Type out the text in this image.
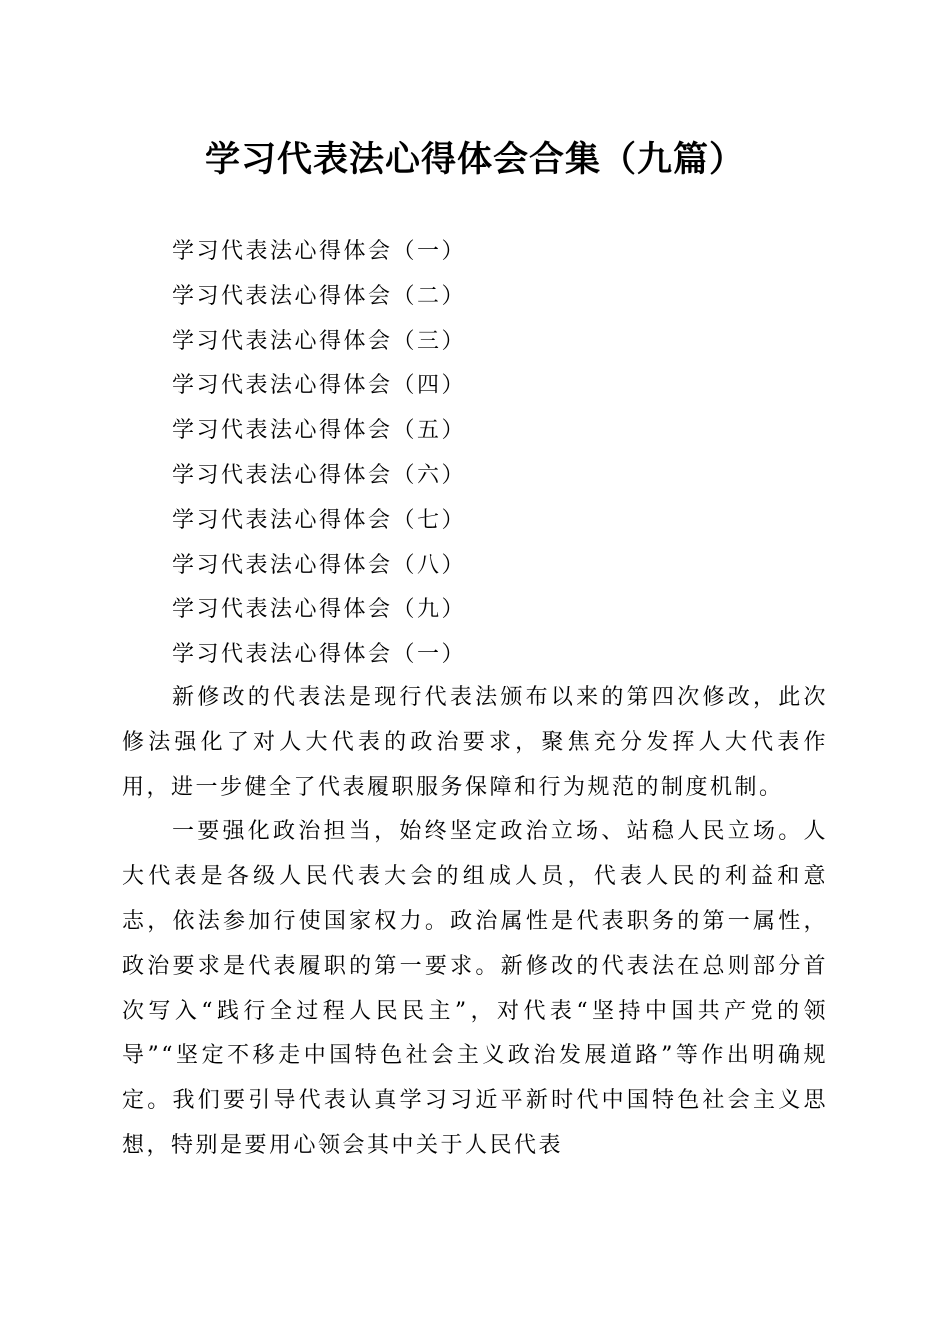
学习代表法心得体会合集（九篇）
学习代表法心得体会（一）
学习代表法心得体会（二）
学习代表法心得体会（三）
学习代表法心得体会（四）
学习代表法心得体会（五）
学习代表法心得体会（六）
学习代表法心得体会（七）
学习代表法心得体会（八）
学习代表法心得体会（九）
学习代表法心得体会（一）

新修改的代表法是现行代表法颁布以来的第四次修改，此次修法强化了对人大代表的政治要求，聚焦充分发挥人大代表作用，进一步健全了代表履职服务保障和行为规范的制度机制。

一要强化政治担当，始终坚定政治立场、站稳人民立场。人大代表是各级人民代表大会的组成人员，代表人民的利益和意志，依法参加行使国家权力。政治属性是代表职务的第一属性，政治要求是代表履职的第一要求。新修改的代表法在总则部分首次写入“践行全过程人民民主”，对代表“坚持中国共产党的领导”“坚定不移走中国特色社会主义政治发展道路”等作出明确规定。我们要引导代表认真学习习近平新时代中国特色社会主义思想，特别是要用心领会其中关于人民代表
